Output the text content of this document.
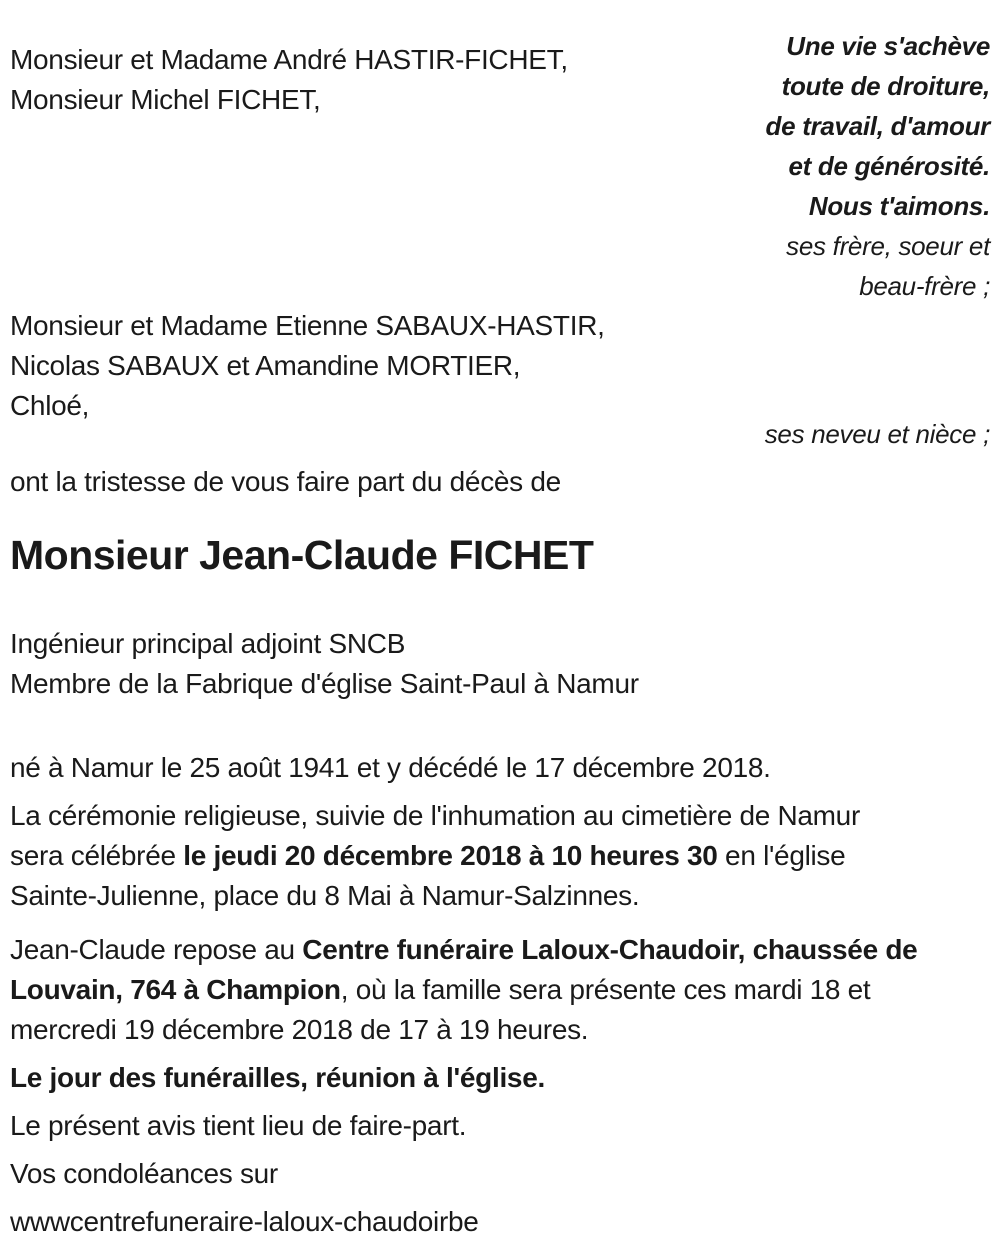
Monsieur et Madame André HASTIR-FICHET,
Monsieur Michel FICHET,
Une vie s'achève
toute de droiture,
de travail, d'amour
et de générosité.
Nous t'aimons.
ses frère, soeur et
beau-frère ;
Monsieur et Madame Etienne SABAUX-HASTIR,
Nicolas SABAUX et Amandine MORTIER,
Chloé,
ses neveu et nièce ;

ont la tristesse de vous faire part du décès de

Monsieur Jean-Claude FICHET
Ingénieur principal adjoint SNCB
Membre de la Fabrique d'église Saint-Paul à Namur

né à Namur le 25 août 1941 et y décédé le 17 décembre 2018.

La cérémonie religieuse, suivie de l'inhumation au cimetière de Namur
sera célébrée le jeudi 20 décembre 2018 à 10 heures 30 en l'église
Sainte-Julienne, place du 8 Mai à Namur-Salzinnes.

Jean-Claude repose au Centre funéraire Laloux-Chaudoir, chaussée de
Louvain, 764 à Champion, où la famille sera présente ces mardi 18 et
mercredi 19 décembre 2018 de 17 à 19 heures.

Le jour des funérailles, réunion à l'église.

Le présent avis tient lieu de faire-part.

Vos condoléances sur

wwwcentrefuneraire-laloux-chaudoirbe
